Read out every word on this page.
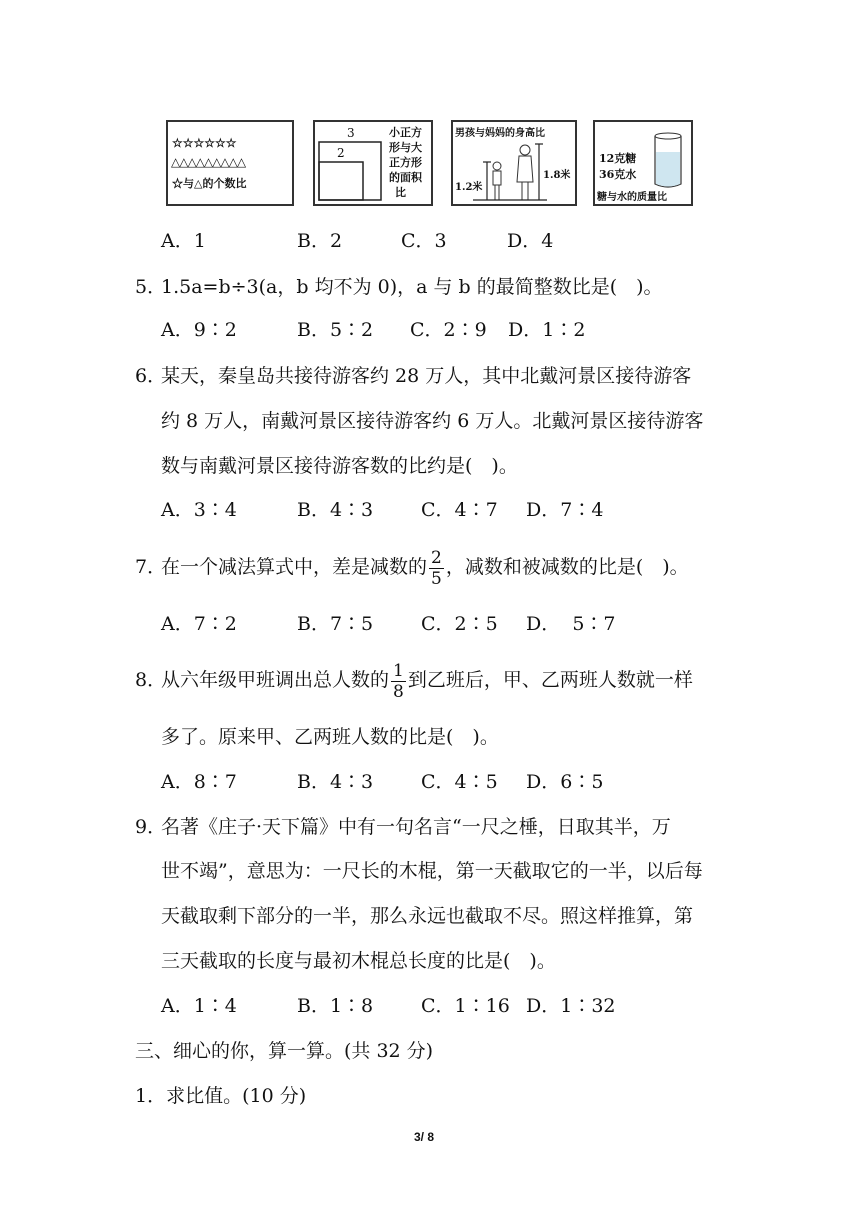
☆☆☆☆☆☆
△△△△△△△△△
☆与△的个数比
3
2
小正方
形与大
正方形
的面积
比
男孩与妈妈的身高比
1.2米
1.8米
12克糖
36克水
糖与水的质量比
A．1	B．2	C．3	D．4
5．
1.5a=b÷3(a，b 均不为 0)，a 与 b 的最简整数比是(　)。
A．9∶2	B．5∶2 C．2∶9 D．1∶2
6．
某天，秦皇岛共接待游客约 28 万人，其中北戴河景区接待游客
约 8 万人，南戴河景区接待游客约 6 万人。北戴河景区接待游客
数与南戴河景区接待游客数的比约是(　)。
A．3∶4	B．4∶3	C．4∶7 D．7∶4
7．
在一个减法算式中，差是减数的 $\frac{2}{5}$ ，减数和被减数的比是(　)。
A．7∶2	B．7∶5	C．2∶5 D．  5∶7
8．
从六年级甲班调出总人数的 $\frac{1}{8}$ 到乙班后，甲、乙两班人数就一样
多了。原来甲、乙两班人数的比是(　)。
A．8∶7	B．4∶3	C．4∶5 D．6∶5
9．
名著《庄子·天下篇》中有一句名言“一尺之棰，日取其半，万
世不竭”，意思为：一尺长的木棍，第一天截取它的一半，以后每
天截取剩下部分的一半，那么永远也截取不尽。照这样推算，第
三天截取的长度与最初木棍总长度的比是(　)。
A．1∶4	B．1∶8	C．1∶16 D．1∶32
三、细心的你，算一算。(共 32 分)
1．求比值。(10 分)
3/ 8
